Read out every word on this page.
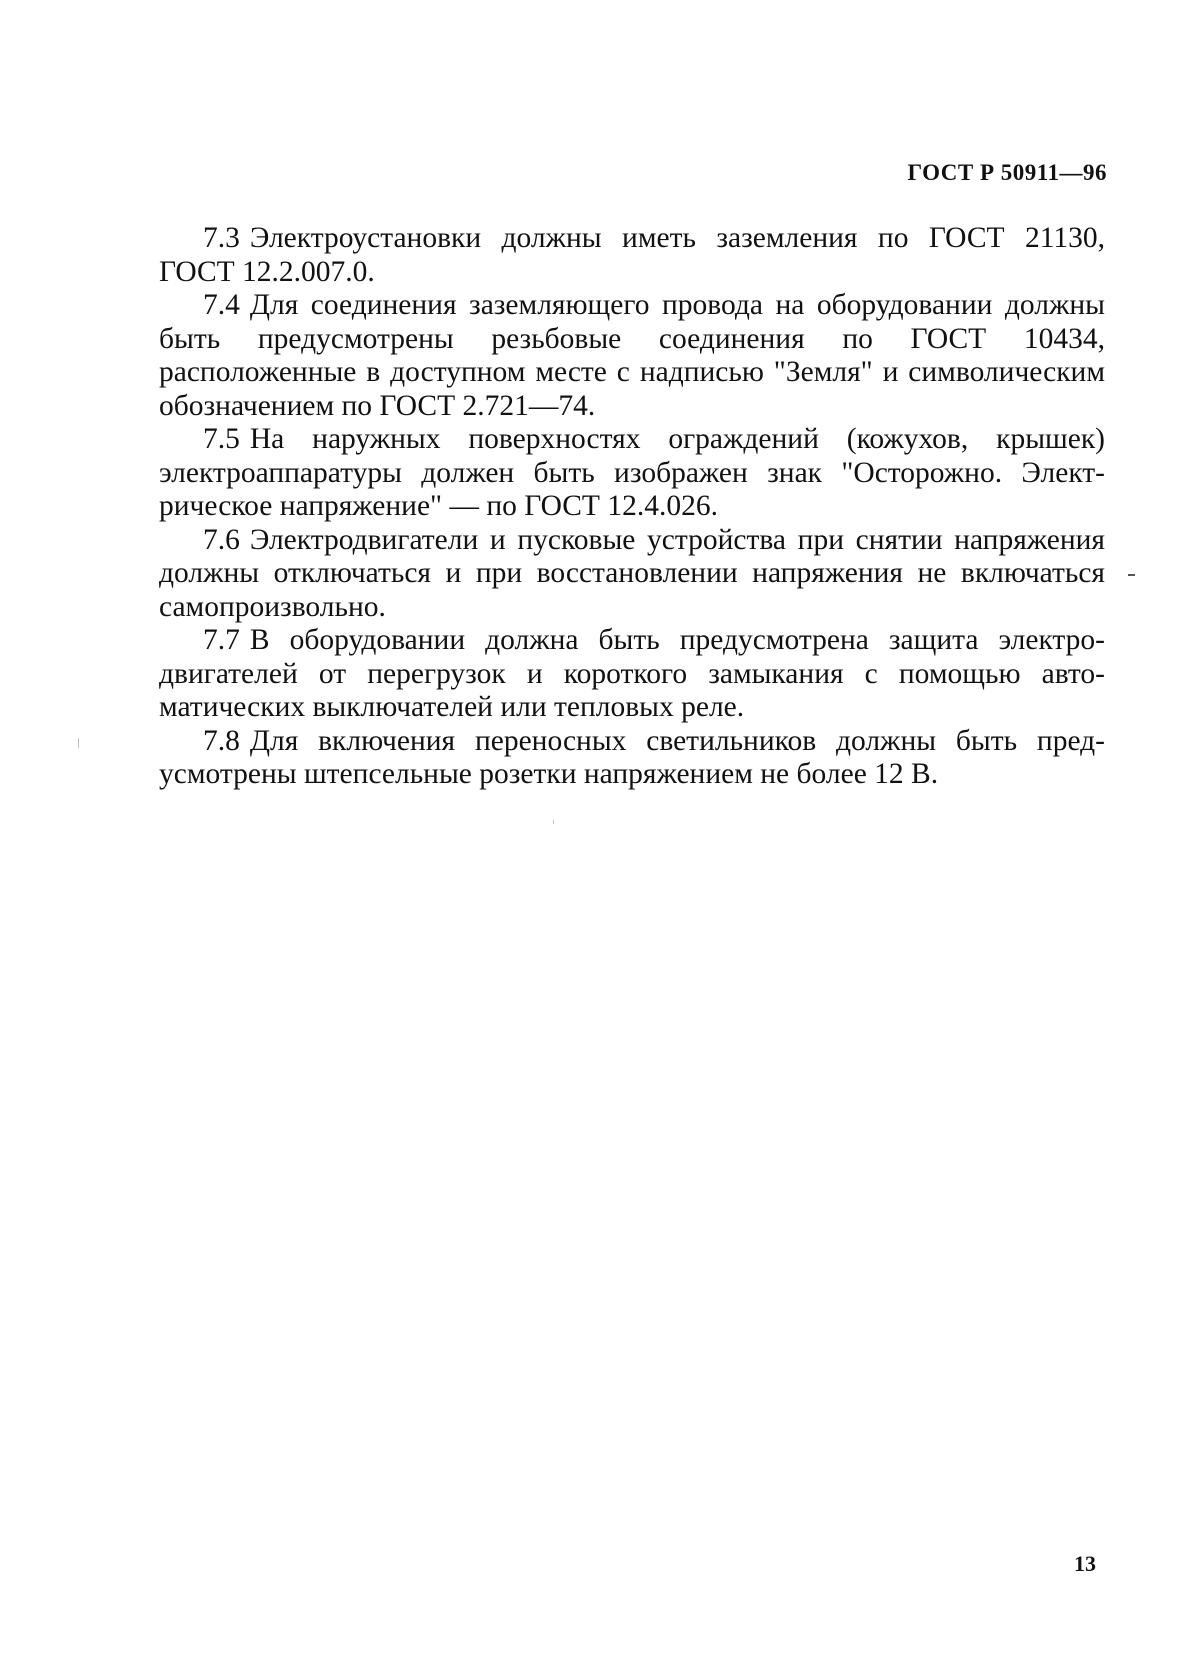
ГОСТ Р 50911—96

7.3 Электроустановки должны иметь заземления по ГОСТ 21130, ГОСТ 12.2.007.0.

7.4 Для соединения заземляющего провода на оборудовании должны быть предусмотрены резьбовые соединения по ГОСТ 10434, расположенные в доступном месте с надписью "Земля" и символическим обозначением по ГОСТ 2.721—74.

7.5 На наружных поверхностях ограждений (кожухов, крышек) электроаппаратуры должен быть изображен знак "Осторожно. Электрическое напряжение" — по ГОСТ 12.4.026.

7.6 Электродвигатели и пусковые устройства при снятии напряжения должны отключаться и при восстановлении напряжения не включаться самопроизвольно.

7.7 В оборудовании должна быть предусмотрена защита электродвигателей от перегрузок и короткого замыкания с помощью автоматических выключателей или тепловых реле.

7.8 Для включения переносных светильников должны быть предусмотрены штепсельные розетки напряжением не более 12 В.

13
